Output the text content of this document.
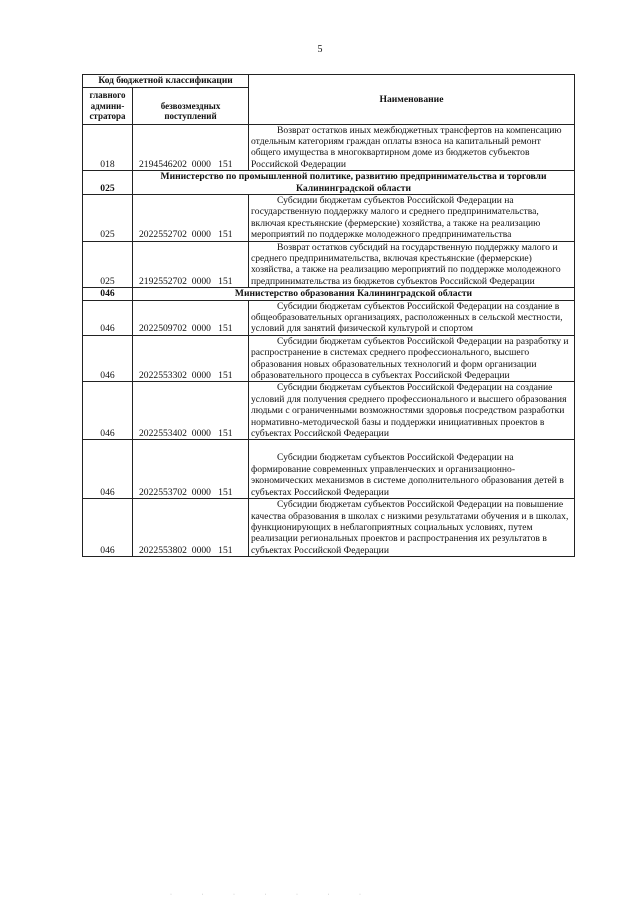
5
Код бюджетной классификации		Наименование
главного админи-стратора	безвозмездных поступлений	
018	2194546202  0000   151	Возврат остатков иных межбюджетных трансфертов на компенсацию отдельным категориям граждан оплаты взноса на капитальный ремонт общего имущества в многоквартирном доме из бюджетов субъектов Российской Федерации
025	Министерство по промышленной политике, развитию предпринимательства и торговли Калининградской области	
025	2022552702  0000   151	Субсидии бюджетам субъектов Российской Федерации на государственную поддержку малого и среднего предпринимательства, включая крестьянские (фермерские) хозяйства, а также на реализацию мероприятий по поддержке молодежного предпринимательства
025	2192552702  0000   151	Возврат остатков субсидий на государственную поддержку малого и среднего предпринимательства, включая крестьянские (фермерские) хозяйства, а также на реализацию мероприятий по поддержке молодежного предпринимательства из бюджетов субъектов Российской Федерации
046	Министерство образования Калининградской области	
046	2022509702  0000   151	Субсидии бюджетам субъектов Российской Федерации на создание в общеобразовательных организациях, расположенных в сельской местности, условий для занятий физической культурой и спортом
046	2022553302  0000   151	Субсидии бюджетам субъектов Российской Федерации на разработку и распространение в системах среднего профессионального, высшего образования новых образовательных технологий и форм организации образовательного процесса в субъектах Российской Федерации
046	2022553402  0000   151	Субсидии бюджетам субъектов Российской Федерации на создание условий для получения среднего профессионального и высшего образования людьми с ограниченными возможностями здоровья посредством разработки нормативно-методической базы и поддержки инициативных проектов в субъектах Российской Федерации
046	2022553702  0000   151	Субсидии бюджетам субъектов Российской Федерации на формирование современных управленческих и организационно-экономических механизмов в системе дополнительного образования детей в субъектах Российской Федерации
046	2022553802  0000   151	Субсидии бюджетам субъектов Российской Федерации на повышение качества образования в школах с низкими результатами обучения и в школах, функционирующих в неблагоприятных социальных условиях, путем реализации региональных проектов и распространения их результатов в субъектах Российской Федерации
· · · · · · ·
